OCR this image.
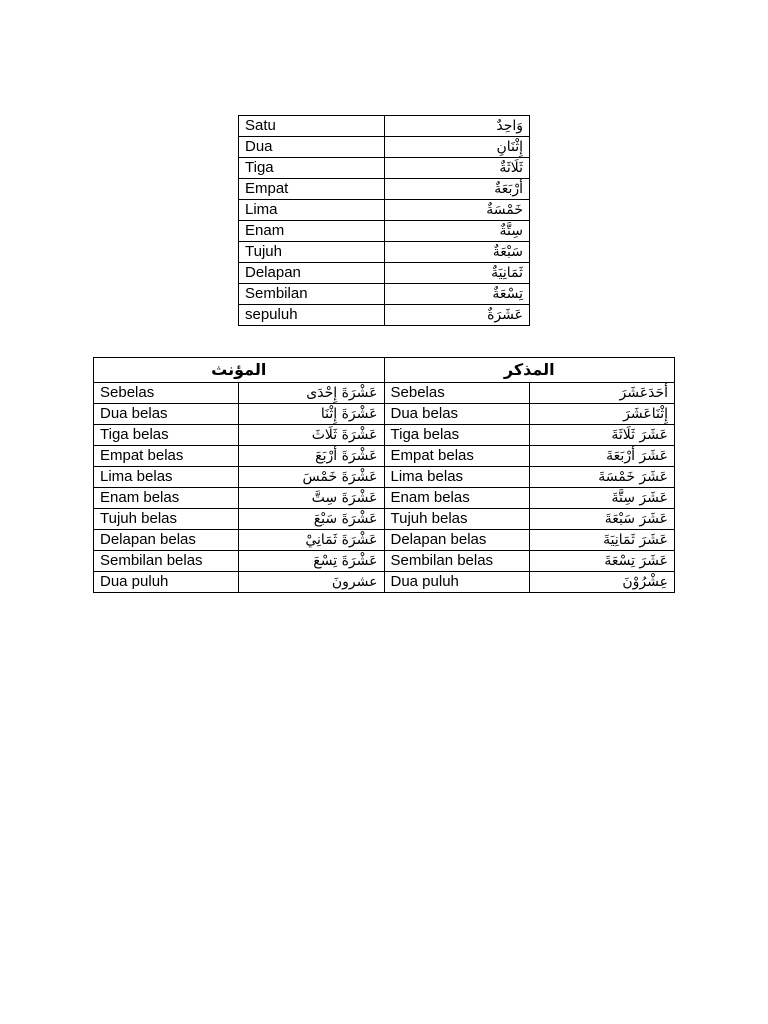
Satu	وَاحِدٌ
Dua	إِثْنَانِ
Tiga	ثَلَاثَةٌ
Empat	أَرْبَعَةٌ
Lima	خَمْسَةٌ
Enam	سِتَّةٌ
Tujuh	سَبْعَةٌ
Delapan	ثَمَانِيَةٌ
Sembilan	تِسْعَةٌ
sepuluh	عَشَرَةٌ
المؤنث		المذكر	
Sebelas	عَشْرَةَ إِحْدَى	Sebelas	أَحَدَعَشَرَ
Dua belas	عَشْرَةَ إِثْنَا	Dua belas	إِثْنَاعَشَرَ
Tiga belas	عَشْرَةَ ثَلَاثَ	Tiga belas	عَشَرَ ثَلَاثَةَ
Empat belas	عَشْرَةَ أَرْبَعَ	Empat belas	عَشَرَ أَرْبَعَةَ
Lima belas	عَشْرَةَ خَمْسَ	Lima belas	عَشَرَ خَمْسَةَ
Enam belas	عَشْرَةَ سِتَّ	Enam belas	عَشَرَ سِتَّةَ
Tujuh belas	عَشْرَةَ سَبْعَ	Tujuh belas	عَشَرَ سَبْعَةَ
Delapan belas	عَشْرَةَ ثَمَانِيْ	Delapan belas	عَشَرَ ثَمَانِيَةَ
Sembilan belas	عَشْرَةَ تِسْعَ	Sembilan belas	عَشَرَ تِسْعَةَ
Dua puluh	عشرونَ	Dua puluh	عِشْرُوْنَ
